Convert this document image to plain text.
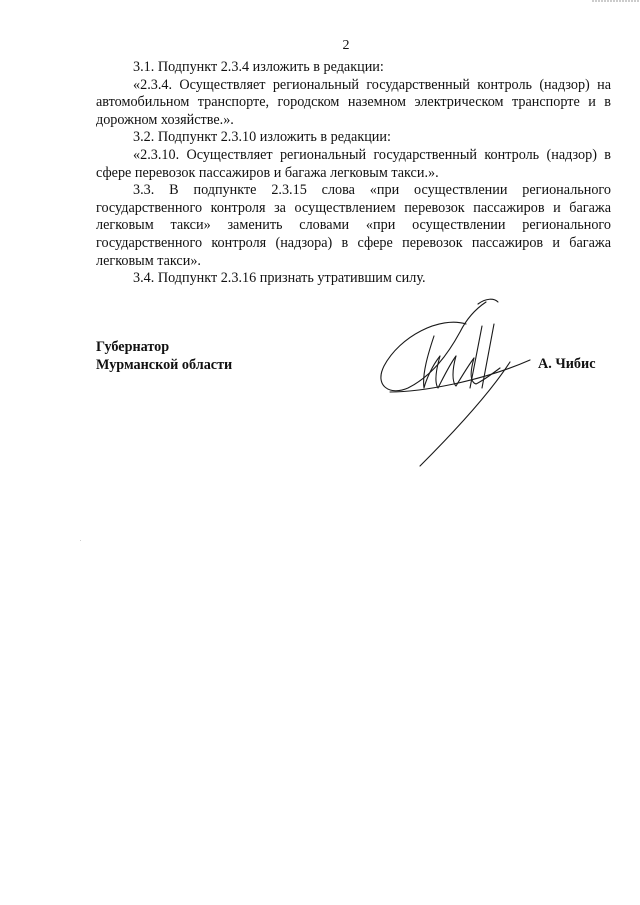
2

3.1. Подпункт 2.3.4 изложить в редакции:

«2.3.4. Осуществляет региональный государственный контроль (надзор) на автомобильном транспорте, городском наземном электрическом транспорте и в дорожном хозяйстве.».

3.2. Подпункт 2.3.10 изложить в редакции:

«2.3.10. Осуществляет региональный государственный контроль (надзор) в сфере перевозок пассажиров и багажа легковым такси.».

3.3. В подпункте 2.3.15 слова «при осуществлении регионального государственного контроля за осуществлением перевозок пассажиров и багажа легковым такси» заменить словами «при осуществлении регионального государственного контроля (надзора) в сфере перевозок пассажиров и багажа легковым такси».

3.4. Подпункт 2.3.16 признать утратившим силу.

Губернатор
Мурманской области	А. Чибис
